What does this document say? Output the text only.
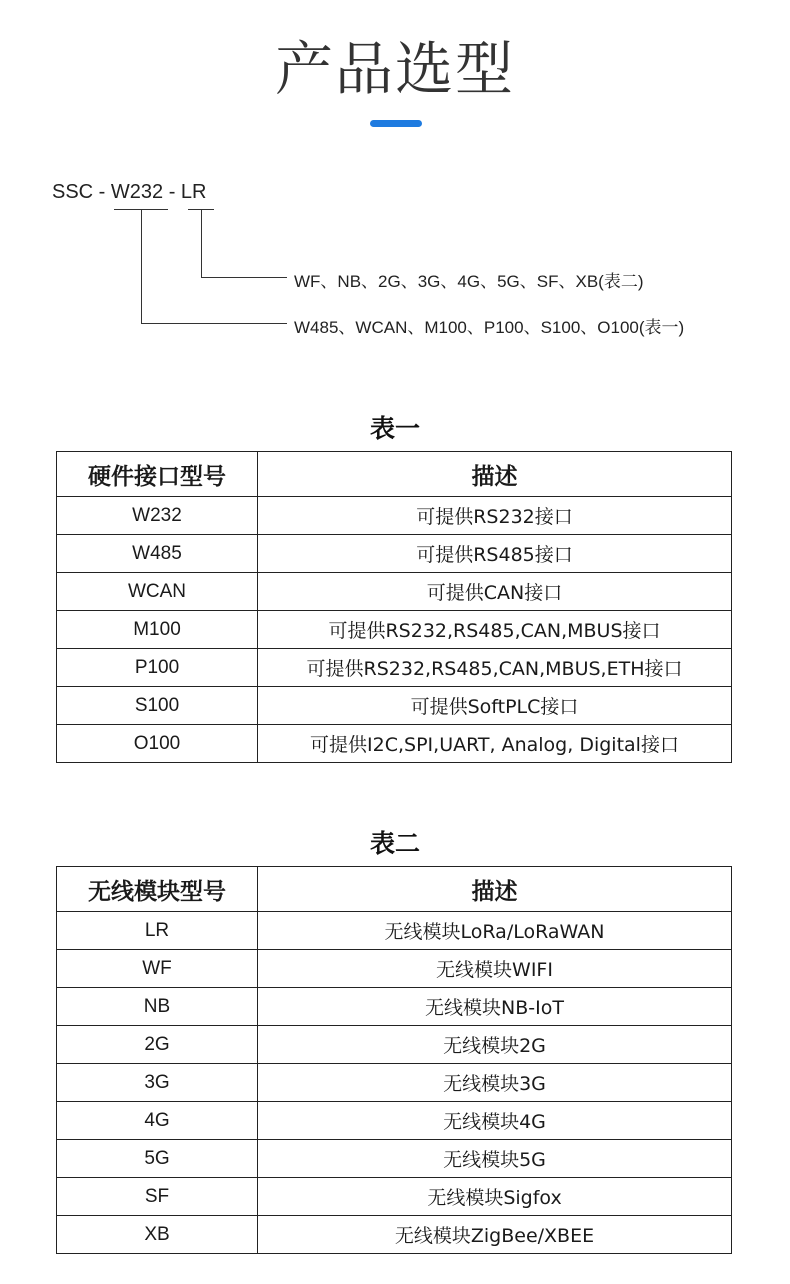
产品选型
SSC - W232 - LR
WF、NB、2G、3G、4G、5G、SF、XB(表二)
W485、WCAN、M100、P100、S100、O100(表一)
表一
硬件接口型号	描述
W232	可提供RS232接口
W485	可提供RS485接口
WCAN	可提供CAN接口
M100	可提供RS232,RS485,CAN,MBUS接口
P100	可提供RS232,RS485,CAN,MBUS,ETH接口
S100	可提供SoftPLC接口
O100	可提供I2C,SPI,UART, Analog, Digital接口
表二
无线模块型号	描述
LR	无线模块LoRa/LoRaWAN
WF	无线模块WIFI
NB	无线模块NB-IoT
2G	无线模块2G
3G	无线模块3G
4G	无线模块4G
5G	无线模块5G
SF	无线模块Sigfox
XB	无线模块ZigBee/XBEE
